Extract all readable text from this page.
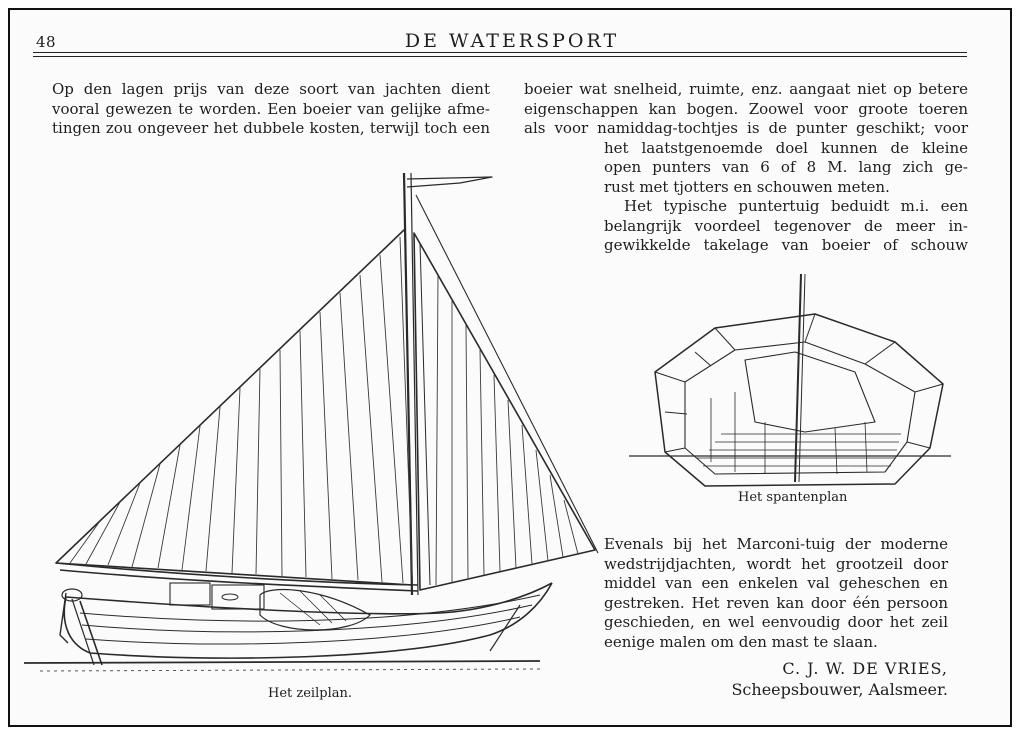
48	DE WATERSPORT

Op den lagen prijs van deze soort van jachten dient

vooral gewezen te worden. Een boeier van gelijke afme-

tingen zou ongeveer het dubbele kosten, terwijl toch een

boeier wat snelheid, ruimte, enz. aangaat niet op betere

eigenschappen kan bogen. Zoowel voor groote toeren

als voor namiddag-tochtjes is de punter geschikt; voor

het laatstgenoemde doel kunnen de kleine

open punters van 6 of 8 M. lang zich ge-

rust met tjotters en schouwen meten.

Het typische puntertuig beduidt m.i. een

belangrijk voordeel tegenover de meer in-

gewikkelde takelage van boeier of schouw

Het spantenplan

Evenals bij het Marconi-tuig der moderne

wedstrijdjachten, wordt het grootzeil door

middel van een enkelen val geheschen en

gestreken. Het reven kan door één persoon

geschieden, en wel eenvoudig door het zeil

eenige malen om den mast te slaan.

C. J. W. DE VRIES,
Scheepsbouwer, Aalsmeer.
Het zeilplan.
